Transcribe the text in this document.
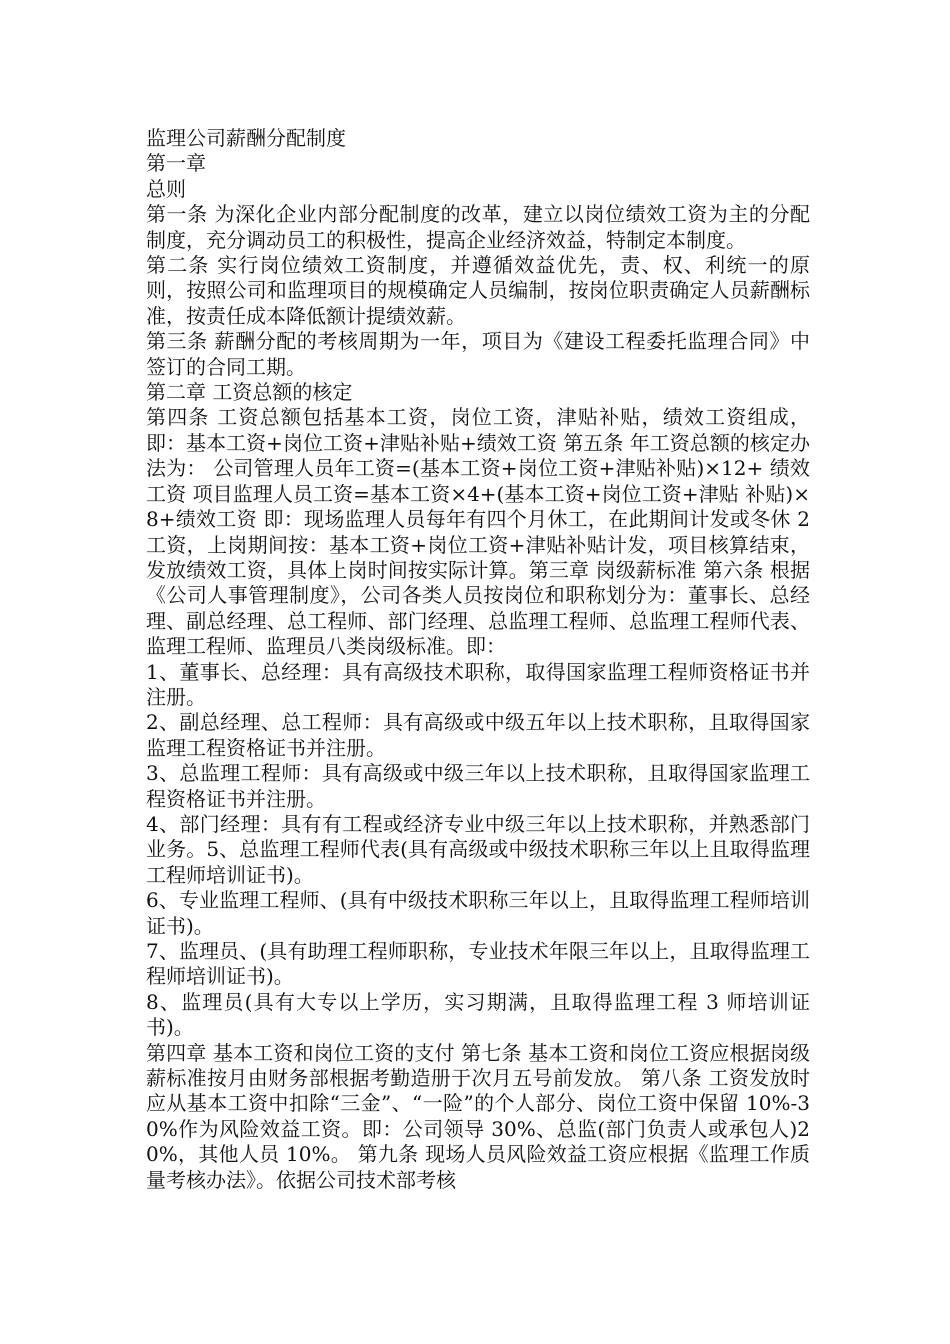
监理公司薪酬分配制度

第一章

总则

第一条 为深化企业内部分配制度的改革，建立以岗位绩效工资为主的分配制度，充分调动员工的积极性，提高企业经济效益，特制定本制度。

第二条 实行岗位绩效工资制度，并遵循效益优先，责、权、利统一的原则，按照公司和监理项目的规模确定人员编制，按岗位职责确定人员薪酬标准，按责任成本降低额计提绩效薪。

第三条 薪酬分配的考核周期为一年，项目为《建设工程委托监理合同》中签订的合同工期。

第二章 工资总额的核定

第四条 工资总额包括基本工资，岗位工资，津贴补贴，绩效工资组成，即：基本工资+岗位工资+津贴补贴+绩效工资 第五条 年工资总额的核定办法为： 公司管理人员年工资=(基本工资+岗位工资+津贴补贴)×12+ 绩效工资 项目监理人员工资=基本工资×4+(基本工资+岗位工资+津贴 补贴)×8+绩效工资 即：现场监理人员每年有四个月休工，在此期间计发或冬休 2 工资，上岗期间按：基本工资+岗位工资+津贴补贴计发，项目核算结束，发放绩效工资，具体上岗时间按实际计算。第三章 岗级薪标准 第六条 根据《公司人事管理制度》，公司各类人员按岗位和职称划分为：董事长、总经理、副总经理、总工程师、部门经理、总监理工程师、总监理工程师代表、监理工程师、监理员八类岗级标准。即：

1、董事长、总经理：具有高级技术职称，取得国家监理工程师资格证书并注册。

2、副总经理、总工程师：具有高级或中级五年以上技术职称，且取得国家监理工程资格证书并注册。

3、总监理工程师：具有高级或中级三年以上技术职称，且取得国家监理工程资格证书并注册。

4、部门经理：具有有工程或经济专业中级三年以上技术职称，并熟悉部门业务。5、总监理工程师代表(具有高级或中级技术职称三年以上且取得监理工程师培训证书)。

6、专业监理工程师、(具有中级技术职称三年以上，且取得监理工程师培训证书)。

7、监理员、(具有助理工程师职称，专业技术年限三年以上，且取得监理工程师培训证书)。

8、监理员(具有大专以上学历，实习期满，且取得监理工程 3 师培训证书)。

第四章 基本工资和岗位工资的支付 第七条 基本工资和岗位工资应根据岗级薪标准按月由财务部根据考勤造册于次月五号前发放。 第八条 工资发放时应从基本工资中扣除“三金”、“一险”的个人部分、岗位工资中保留 10%-30%作为风险效益工资。即：公司领导 30%、总监(部门负责人或承包人)20%，其他人员 10%。 第九条 现场人员风险效益工资应根据《监理工作质量考核办法》。依据公司技术部考核
